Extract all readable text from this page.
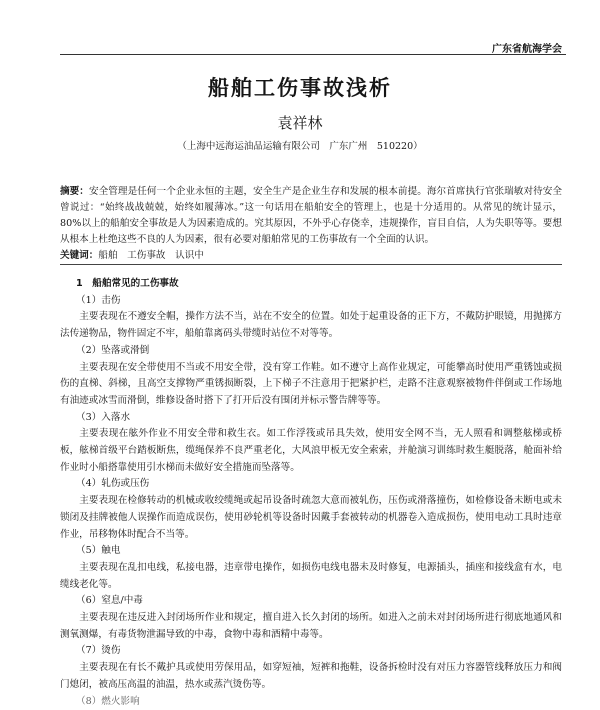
广东省航海学会
船舶工伤事故浅析
袁祥林
（上海中远海运油品运输有限公司　广东广州　510220）
摘要：安全管理是任何一个企业永恒的主题，安全生产是企业生存和发展的根本前提。海尔首席执行官张瑞敏对待安全曾说过：“始终战战兢兢，始终如履薄冰。”这一句话用在船舶安全的管理上，也是十分适用的。从常见的统计显示，80%以上的船舶安全事故是人为因素造成的。究其原因，不外乎心存侥幸，违规操作，盲目自信，人为失职等等。要想从根本上杜绝这些不良的人为因素，很有必要对船舶常见的工伤事故有一个全面的认识。
关键词：船舶　工伤事故　认识中

1　船舶常见的工伤事故

（1）击伤

主要表现在不遵安全帽，操作方法不当，站在不安全的位置。如处于起重设备的正下方，不戴防护眼镜，用抛掷方法传递物品，物件固定不牢，船舶靠离码头带缆时站位不对等等。

（2）坠落或滑倒

主要表现在安全带使用不当或不用安全带，没有穿工作鞋。如不遵守上高作业规定，可能攀高时使用严重锈蚀或损伤的直梯、斜梯，且高空支撑物严重锈损断裂，上下梯子不注意用于把紧护栏，走路不注意观察被物件伴倒或工作场地有油迹或冰雪而滑倒，维修设备时搭下了打开后没有围闭并标示警告牌等等。

（3）入落水

主要表现在舷外作业不用安全带和救生衣。如工作浮筏或吊具失效，使用安全网不当，无人照看和调整舷梯或桥板，舷梯首级平台踏板断焦，缆绳保养不良严重老化，大风浪甲板无安全索索，并舱演习训练时救生艇脱落，舱面补给作业时小船搭靠使用引水梯而未做好安全措施而坠落等。

（4）轧伤或压伤

主要表现在检修转动的机械或收绞缆绳或起吊设备时疏忽大意而被轧伤，压伤或滑落撞伤，如检修设备未断电或未锁闭及挂牌被他人误操作而造成误伤，使用砂轮机等设备时因戴手套被转动的机器卷入造成损伤，使用电动工具时违章作业，吊移物体时配合不当等。

（5）触电

主要表现在乱扣电线，私接电器，违章带电操作，如损伤电线电器未及时修复，电源插头，插座和接线盒有水，电缆线老化等。

（6）窒息/中毒

主要表现在违反进入封闭场所作业和规定，擅自进入长久封闭的场所。如进入之前未对封闭场所进行彻底地通风和测氧测爆，有毒货物泄漏导致的中毒，食物中毒和酒精中毒等。

（7）烫伤

主要表现在有长不戴护具或使用劳保用品，如穿短袖，短裤和拖鞋，设备拆检时没有对压力容器管线释放压力和阀门熄闭，被高压高温的油温，热水或蒸汽烫伤等。

（8）燃火影响
